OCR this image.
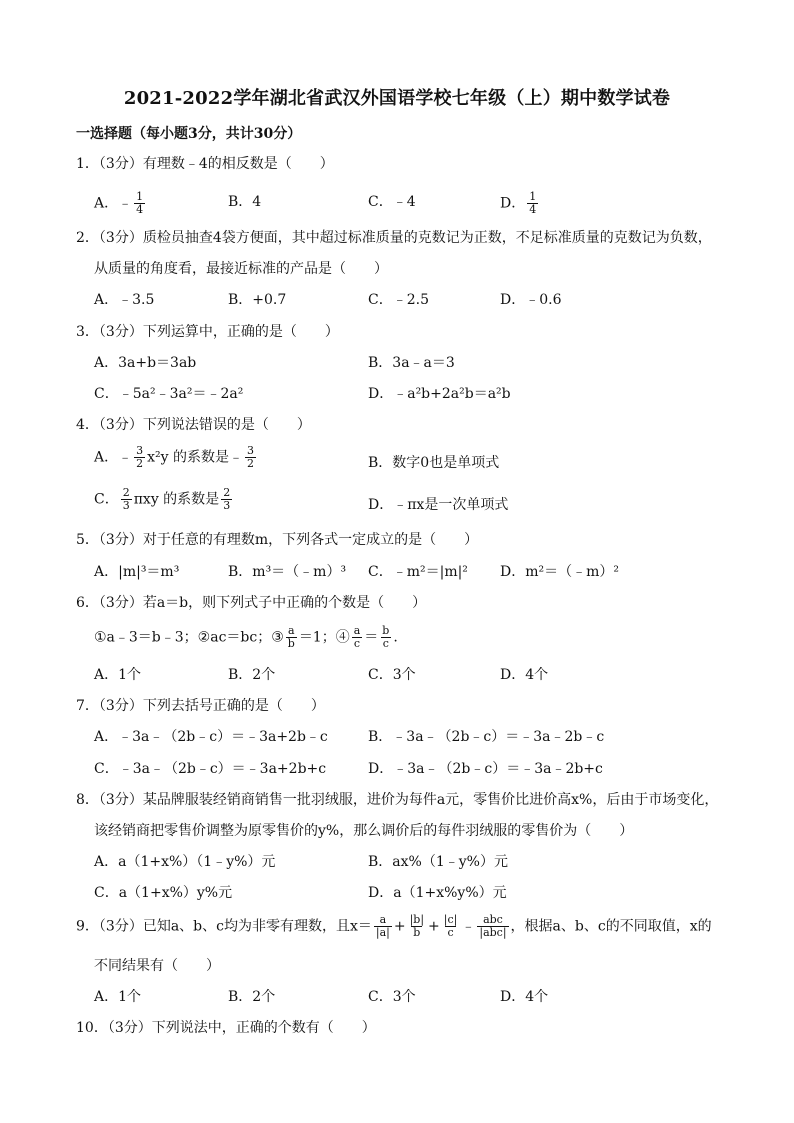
2021-2022学年湖北省武汉外国语学校七年级（上）期中数学试卷
一选择题（每小题3分，共计30分）
1．（3分）有理数﹣4的相反数是（　　）
A．﹣ $\frac{1}{4}$	B．4	C．﹣4	D． $\frac{1}{4}$
2．（3分）质检员抽查4袋方便面，其中超过标准质量的克数记为正数，不足标准质量的克数记为负数，
从质量的角度看，最接近标准的产品是（　　）
A．﹣3.5	B．+0.7	C．﹣2.5	D．﹣0.6
3．（3分）下列运算中，正确的是（　　）
A．3a+b＝3ab	B．3a﹣a＝3
C．﹣5a²﹣3a²＝﹣2a²	D．﹣a²b+2a²b＝a²b
4．（3分）下列说法错误的是（　　）
A．﹣ $\frac{3}{2} x^2y$ 的系数是﹣ $\frac{3}{2}$	B．数字0也是单项式
C． $\frac{2}{3}$ πxy 的系数是 $\frac{2}{3}$	D．﹣πx是一次单项式
5．（3分）对于任意的有理数m，下列各式一定成立的是（　　）
A．|m|³＝m³	B．m³＝（﹣m）³ C．﹣m²＝|m|² D．m²＝（﹣m）²
6．（3分）若a＝b，则下列式子中正确的个数是（　　）
①a﹣3＝b﹣3；②ac＝bc；③ $\frac{a}{b} =1$；④ $\frac{a}{c} = \frac{b}{c}$ .
A．1个	B．2个	C．3个	D．4个
7．（3分）下列去括号正确的是（　　）
A．﹣3a﹣（2b﹣c）＝﹣3a+2b﹣c	B．﹣3a﹣（2b﹣c）＝﹣3a﹣2b﹣c
C．﹣3a﹣（2b﹣c）＝﹣3a+2b+c	D．﹣3a﹣（2b﹣c）＝﹣3a﹣2b+c
8．（3分）某品牌服装经销商销售一批羽绒服，进价为每件a元，零售价比进价高x%，后由于市场变化，
该经销商把零售价调整为原零售价的y%，那么调价后的每件羽绒服的零售价为（　　）
A．a（1+x%）（1﹣y%）元	B．ax%（1﹣y%）元
C．a（1+x%）y%元	D．a（1+x%y%）元
9．（3分）已知a、b、c均为非零有理数，且$x= \frac{a}{|a|} + \frac{|b|}{b} + \frac{|c|}{c}$ ﹣ $\frac{\text{abc}}{\text{|abc|}}$ ，根据a、b、c的不同取值，x的
不同结果有（　　）
A．1个	B．2个	C．3个	D．4个
10．（3分）下列说法中，正确的个数有（　　）
